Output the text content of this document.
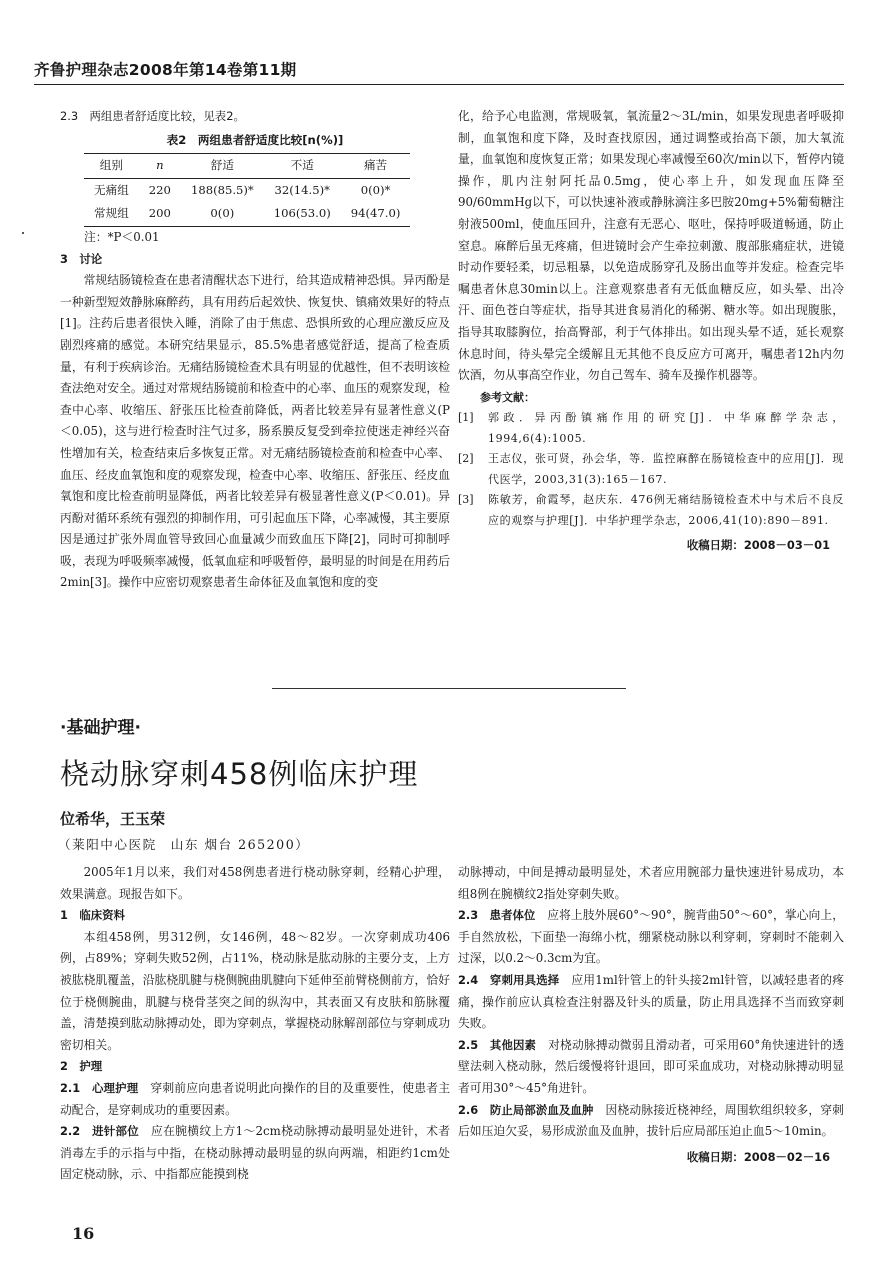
齐鲁护理杂志2008年第14卷第11期

2.3　两组患者舒适度比较，见表2。

表2　两组患者舒适度比较[n(%)]
组别	n	舒适	不适	痛苦
无痛组	220	188(85.5)*	32(14.5)*	0(0)*
常规组	200	0(0)	106(53.0)	94(47.0)

注：*P＜0.01

3　讨论

常规结肠镜检查在患者清醒状态下进行，给其造成精神恐惧。异丙酚是一种新型短效静脉麻醉药，具有用药后起效快、恢复快、镇痛效果好的特点[1]。注药后患者很快入睡，消除了由于焦虑、恐惧所致的心理应激反应及剧烈疼痛的感觉。本研究结果显示，85.5%患者感觉舒适，提高了检查质量，有利于疾病诊治。无痛结肠镜检查术具有明显的优越性，但不表明该检查法绝对安全。通过对常规结肠镜前和检查中的心率、血压的观察发现，检查中心率、收缩压、舒张压比检查前降低，两者比较差异有显著性意义(P＜0.05)，这与进行检查时注气过多，肠系膜反复受到牵拉使迷走神经兴奋性增加有关，检查结束后多恢复正常。对无痛结肠镜检查前和检查中心率、血压、经皮血氧饱和度的观察发现，检查中心率、收缩压、舒张压、经皮血氧饱和度比检查前明显降低，两者比较差异有极显著性意义(P＜0.01)。异丙酚对循环系统有强烈的抑制作用，可引起血压下降，心率减慢，其主要原因是通过扩张外周血管导致回心血量减少而致血压下降[2]，同时可抑制呼吸，表现为呼吸频率减慢，低氧血症和呼吸暂停，最明显的时间是在用药后2min[3]。操作中应密切观察患者生命体征及血氧饱和度的变

化，给予心电监测，常规吸氧，氧流量2～3L/min，如果发现患者呼吸抑制，血氧饱和度下降，及时查找原因，通过调整或抬高下颌，加大氧流量，血氧饱和度恢复正常；如果发现心率减慢至60次/min以下，暂停内镜操作，肌内注射阿托品0.5mg，使心率上升，如发现血压降至90/60mmHg以下，可以快速补液或静脉滴注多巴胺20mg+5%葡萄糖注射液500ml，使血压回升，注意有无恶心、呕吐，保持呼吸道畅通，防止窒息。麻醉后虽无疼痛，但进镜时会产生牵拉刺激、腹部胀痛症状，进镜时动作要轻柔，切忌粗暴，以免造成肠穿孔及肠出血等并发症。检查完毕嘱患者休息30min以上。注意观察患者有无低血糖反应，如头晕、出冷汗、面色苍白等症状，指导其进食易消化的稀粥、糖水等。如出现腹胀，指导其取膝胸位，抬高臀部，利于气体排出。如出现头晕不适，延长观察休息时间，待头晕完全缓解且无其他不良反应方可离开，嘱患者12h内勿饮酒，勿从事高空作业，勿自己驾车、骑车及操作机器等。

参考文献：

[1]	郭政．异丙酚镇痛作用的研究[J]．中华麻醉学杂志，1994,6(4):1005.
[2]	王志仪，张可贤，孙会华，等．监控麻醉在肠镜检查中的应用[J]．现代医学，2003,31(3):165－167.
[3]	陈敏芳，俞霞琴，赵庆东．476例无痛结肠镜检查术中与术后不良反应的观察与护理[J]．中华护理学杂志，2006,41(10):890－891.

收稿日期：2008－03－01

·基础护理·
桡动脉穿刺458例临床护理
位希华，王玉荣
（莱阳中心医院　山东 烟台 265200）

2005年1月以来，我们对458例患者进行桡动脉穿刺，经精心护理，效果满意。现报告如下。

1　临床资料

本组458例，男312例，女146例，48～82岁。一次穿刺成功406例，占89%；穿刺失败52例，占11%，桡动脉是肱动脉的主要分支，上方被肱桡肌覆盖，沿肱桡肌腱与桡侧腕曲肌腱向下延伸至前臂桡侧前方，恰好位于桡侧腕曲，肌腱与桡骨茎突之间的纵沟中，其表面又有皮肤和筋脉覆盖，清楚摸到肱动脉搏动处，即为穿刺点，掌握桡动脉解剖部位与穿刺成功密切相关。

2　护理

2.1　心理护理　穿刺前应向患者说明此向操作的目的及重要性，使患者主动配合，是穿刺成功的重要因素。

2.2　进针部位　应在腕横纹上方1～2cm桡动脉搏动最明显处进针，术者消毒左手的示指与中指，在桡动脉搏动最明显的纵向两端，相距约1cm处固定桡动脉，示、中指都应能摸到桡

动脉搏动，中间是搏动最明显处，术者应用腕部力量快速进针易成功，本组8例在腕横纹2指处穿刺失败。

2.3　患者体位　应将上肢外展60°～90°，腕背曲50°～60°，掌心向上，手自然放松，下面垫一海绵小枕，绷紧桡动脉以利穿刺，穿刺时不能刺入过深，以0.2～0.3cm为宜。

2.4　穿刺用具选择　应用1ml针管上的针头接2ml针管，以减轻患者的疼痛，操作前应认真检查注射器及针头的质量，防止用具选择不当而致穿刺失败。

2.5　其他因素　对桡动脉搏动微弱且滑动者，可采用60°角快速进针的透壁法刺入桡动脉，然后缓慢将针退回，即可采血成功，对桡动脉搏动明显者可用30°～45°角进针。

2.6　防止局部淤血及血肿　因桡动脉接近桡神经，周围软组织较多，穿刺后如压迫欠妥，易形成淤血及血肿，拔针后应局部压迫止血5～10min。

收稿日期：2008－02－16

16
